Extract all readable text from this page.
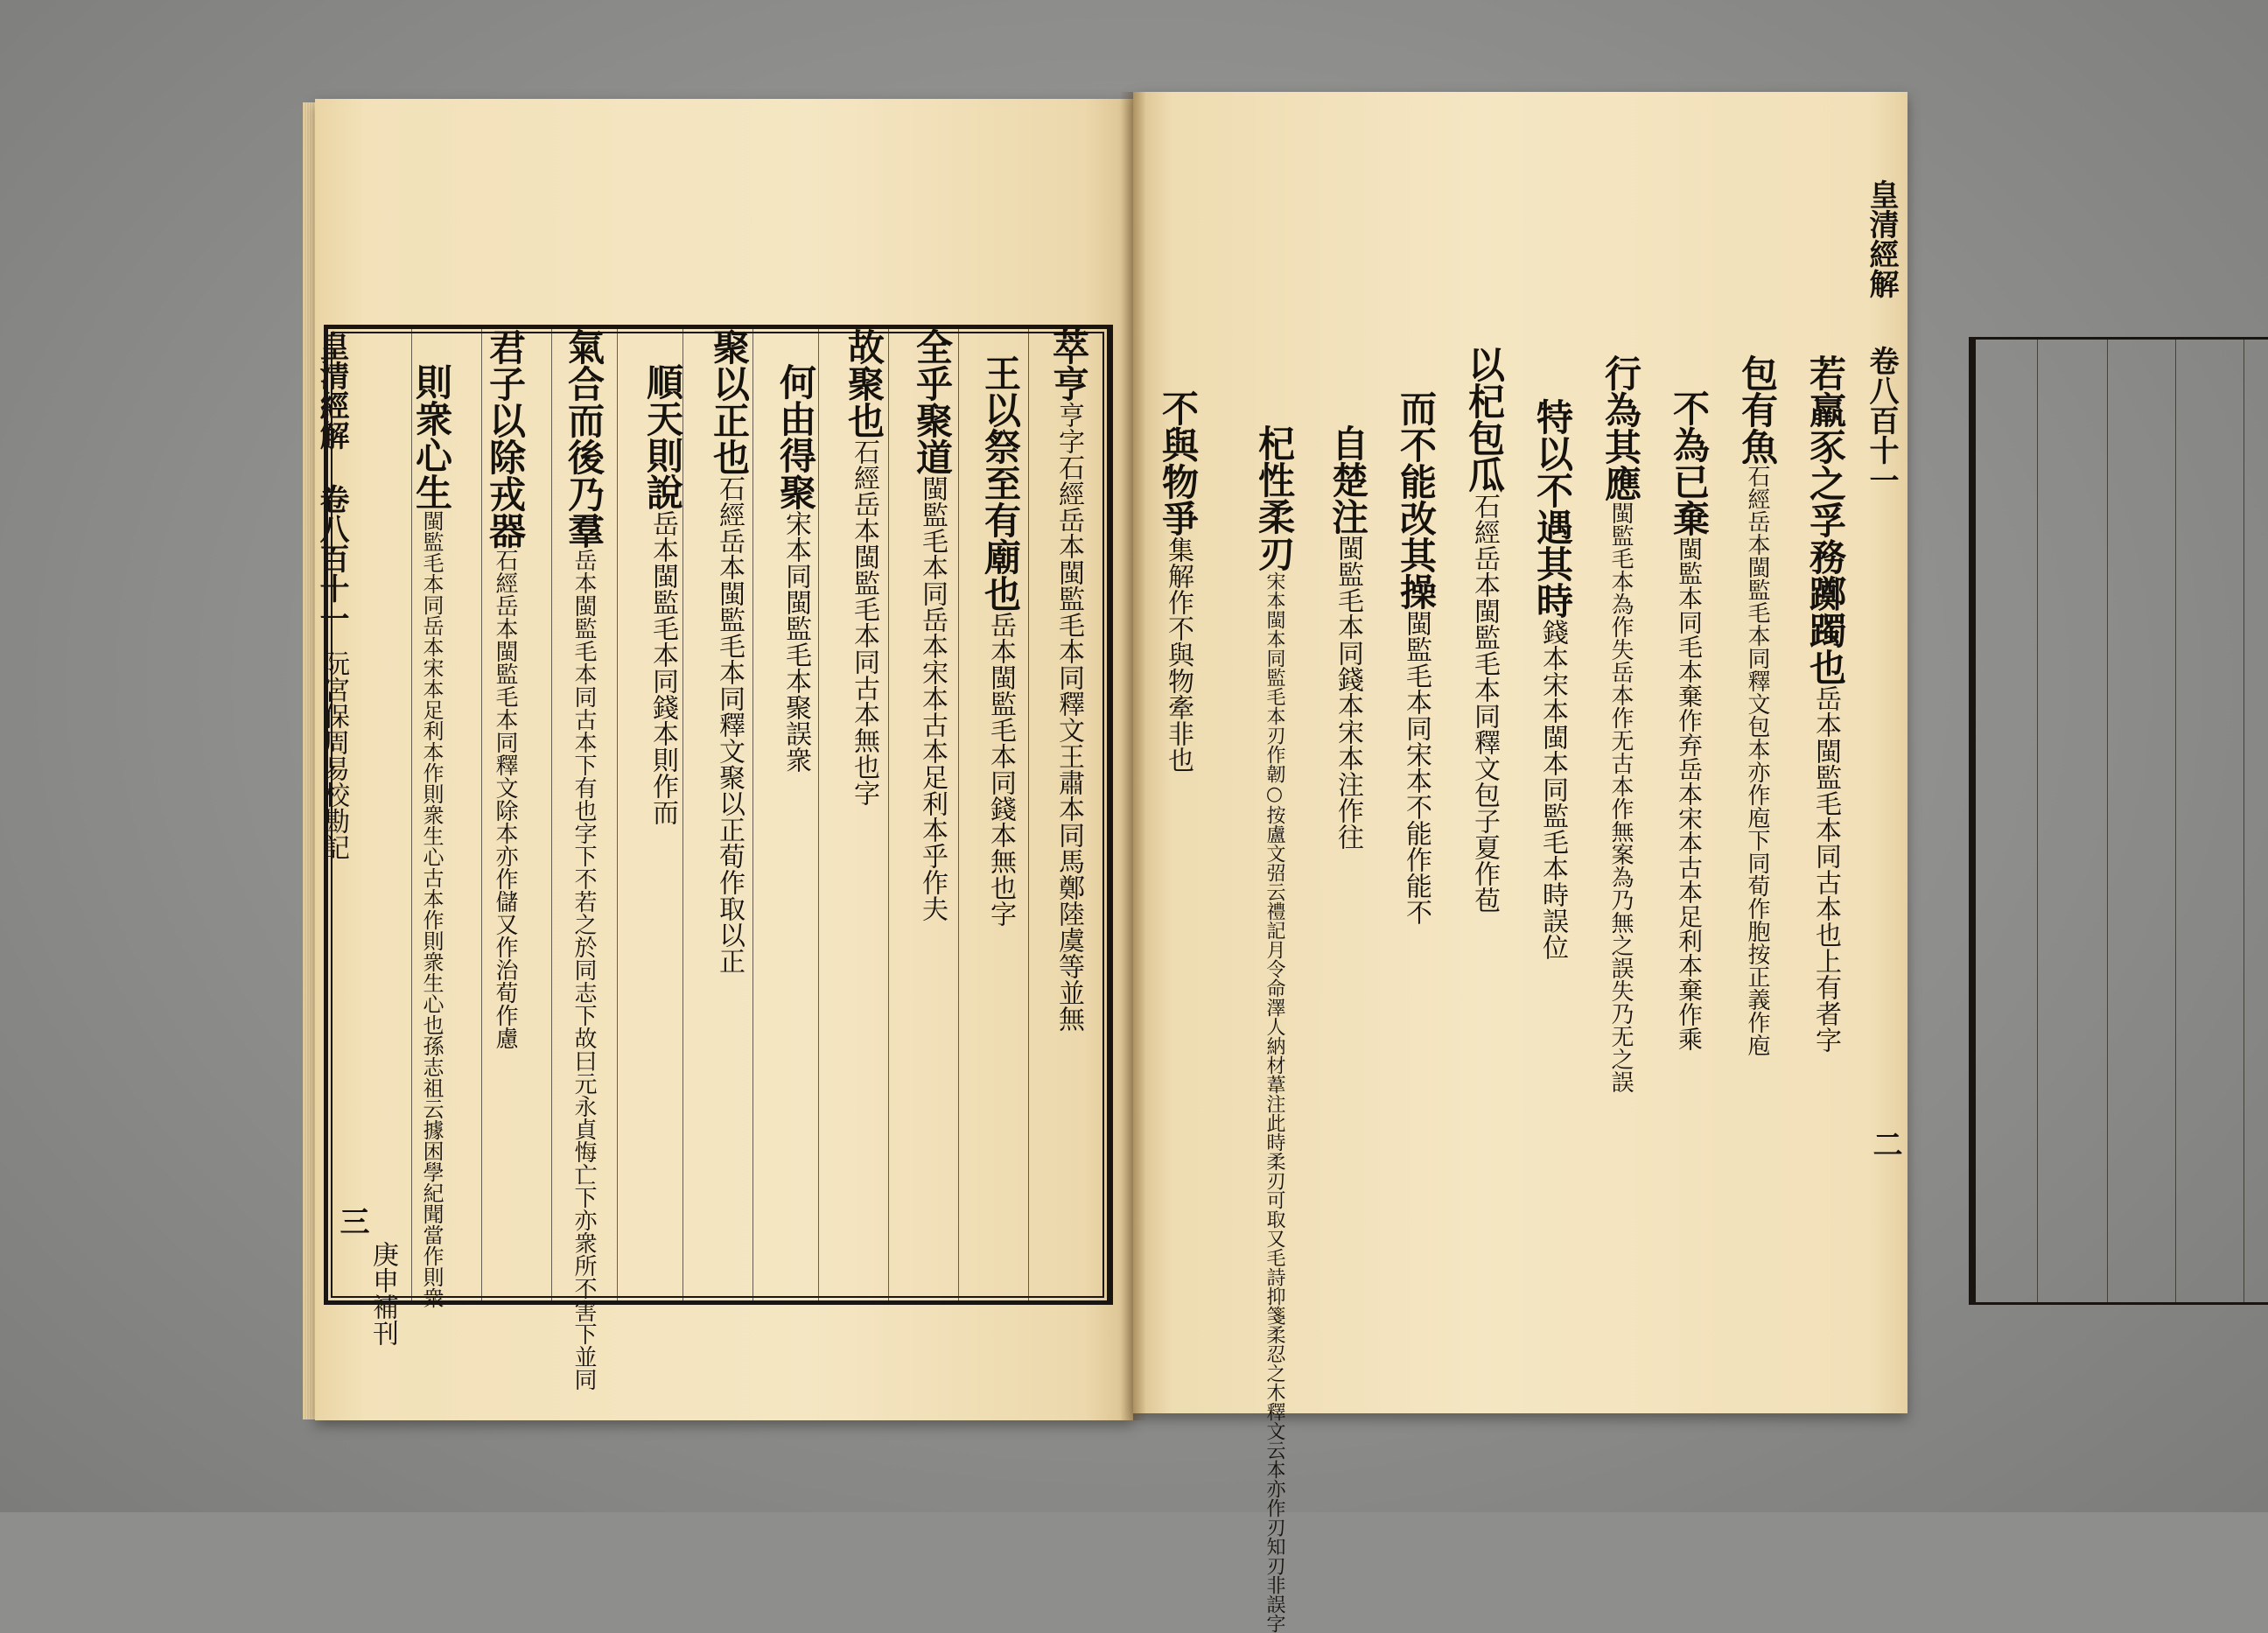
皇清經解
卷八百十一
阮宮保周易校勘記
三
庚申補刊
萃亨亨字石經岳本閩監毛本同釋文王肅本同馬鄭陸虞等並無
王以祭至有廟也岳本閩監毛本同錢本無也字
全乎聚道閩監毛本同岳本宋本古本足利本乎作夫
故聚也石經岳本閩監毛本同古本無也字
何由得聚宋本同閩監毛本聚誤衆
聚以正也石經岳本閩監毛本同釋文聚以正荀作取以正
順天則說岳本閩監毛本同錢本則作而
氣合而後乃羣岳本閩監毛本同古本下有也字下不若之於同志下故曰元永貞悔亡下亦衆所不害下並同
君子以除戎器石經岳本閩監毛本同釋文除本亦作儲又作治荀作慮
則衆心生閩監毛本同岳本宋本足利本作則衆生心古本作則衆生心也孫志祖云據困學紀聞當作則衆
皇清經解
卷八百十一
二
若羸豕之孚務躑躅也岳本閩監毛本同古本也上有者字
包有魚石經岳本閩監毛本同釋文包本亦作庖下同荀作胞按正義作庖
不為已棄閩監本同毛本棄作弃岳本宋本古本足利本棄作乘
行為其應閩監毛本為作失岳本作无古本作無案為乃無之誤失乃无之誤
特以不遇其時錢本宋本閩本同監毛本時誤位
以杞包瓜石經岳本閩監毛本同釋文包子夏作苞
而不能改其操閩監毛本同宋本不能作能不
自楚注閩監毛本同錢本宋本注作往
杞性柔刃宋本閩本同監毛本刃作韌○按盧文弨云禮記月令命澤人納材葦注此時柔刃可取又毛詩抑箋柔忍之木釋文云本亦作刃知刃非誤字
不與物爭集解作不與物牽非也
